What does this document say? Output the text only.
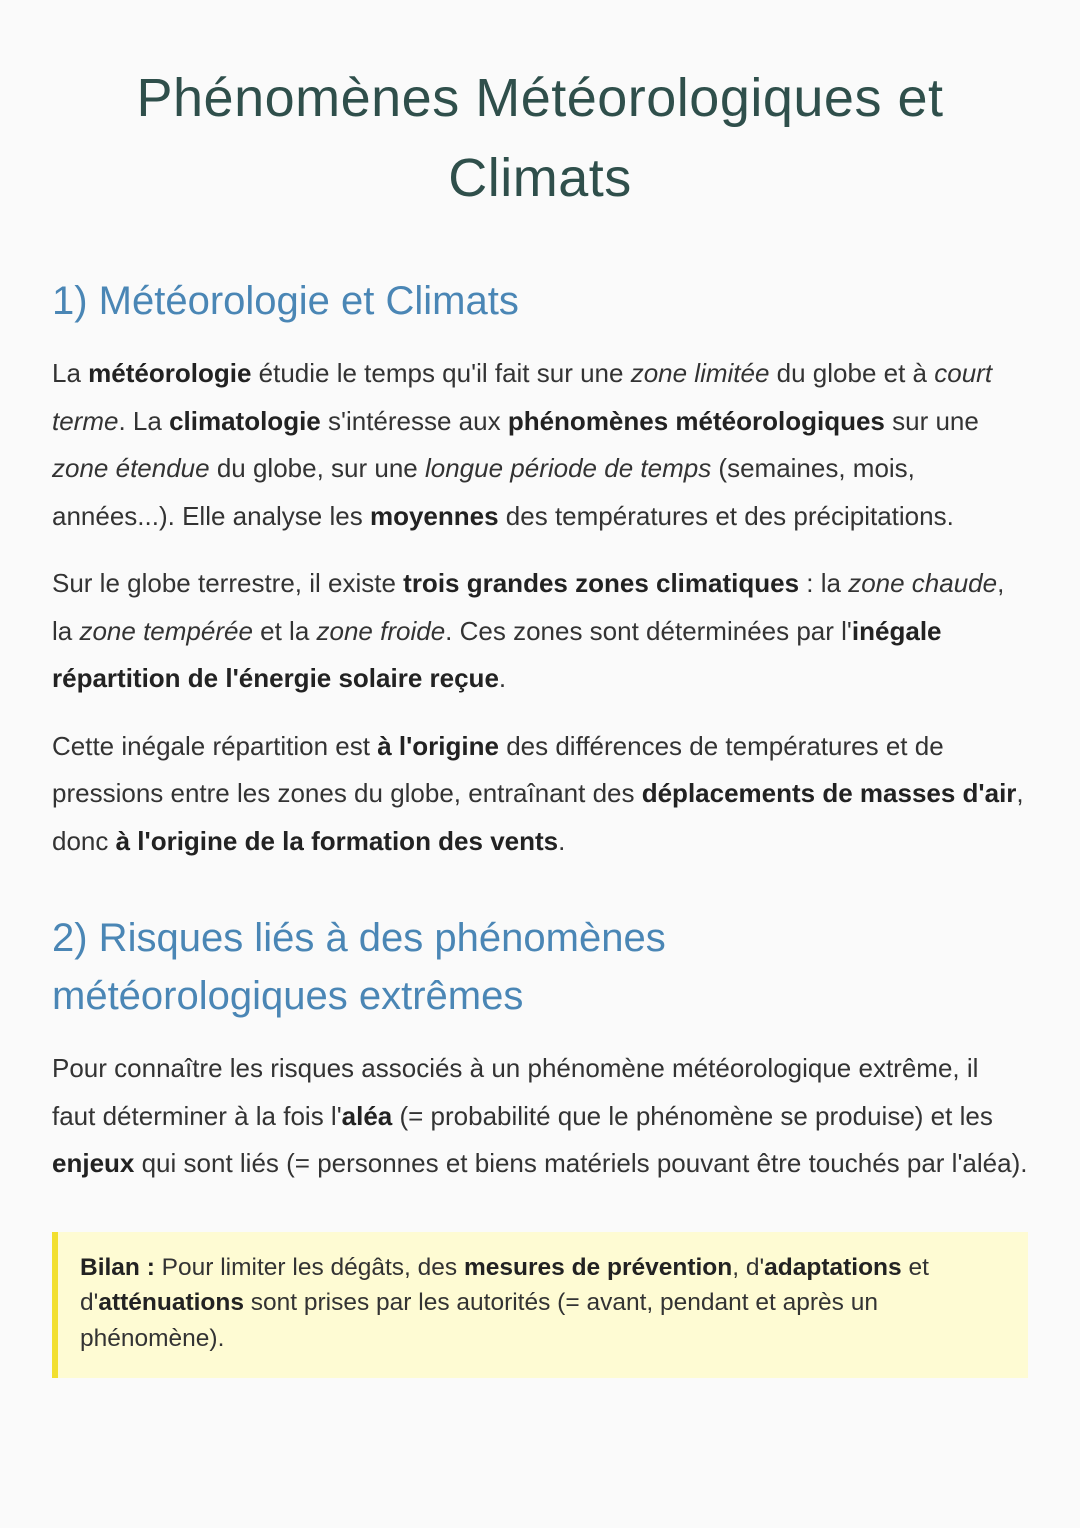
Phénomènes Météorologiques et Climats
1) Météorologie et Climats

La météorologie étudie le temps qu'il fait sur une zone limitée du globe et à court terme. La climatologie s'intéresse aux phénomènes météorologiques sur une zone étendue du globe, sur une longue période de temps (semaines, mois, années...). Elle analyse les moyennes des températures et des précipitations.

Sur le globe terrestre, il existe trois grandes zones climatiques : la zone chaude, la zone tempérée et la zone froide. Ces zones sont déterminées par l'inégale répartition de l'énergie solaire reçue.

Cette inégale répartition est à l'origine des différences de températures et de pressions entre les zones du globe, entraînant des déplacements de masses d'air, donc à l'origine de la formation des vents.

2) Risques liés à des phénomènes
météorologiques extrêmes

Pour connaître les risques associés à un phénomène météorologique extrême, il faut déterminer à la fois l'aléa (= probabilité que le phénomène se produise) et les enjeux qui sont liés (= personnes et biens matériels pouvant être touchés par l'aléa).

Bilan : Pour limiter les dégâts, des mesures de prévention, d'adaptations et d'atténuations sont prises par les autorités (= avant, pendant et après un phénomène).
